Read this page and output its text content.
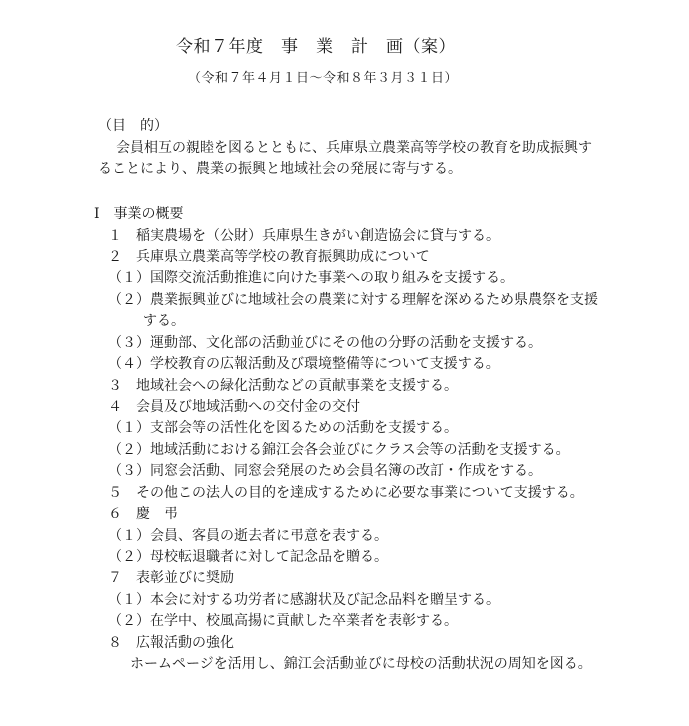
令和７年度　事　業　計　画（案）
（令和７年４月１日～令和８年３月３１日）
（目　的）
会員相互の親睦を図るとともに、兵庫県立農業高等学校の教育を助成振興す
ることにより、農業の振興と地域社会の発展に寄与する。
Ⅰ　事業の概要
１　稲実農場を（公財）兵庫県生きがい創造協会に貸与する。
２　兵庫県立農業高等学校の教育振興助成について
（１）国際交流活動推進に向けた事業への取り組みを支援する。
（２）農業振興並びに地域社会の農業に対する理解を深めるため県農祭を支援
する。
（３）運動部、文化部の活動並びにその他の分野の活動を支援する。
（４）学校教育の広報活動及び環境整備等について支援する。
３　地域社会への緑化活動などの貢献事業を支援する。
４　会員及び地域活動への交付金の交付
（１）支部会等の活性化を図るための活動を支援する。
（２）地域活動における錦江会各会並びにクラス会等の活動を支援する。
（３）同窓会活動、同窓会発展のため会員名簿の改訂・作成をする。
５　その他この法人の目的を達成するために必要な事業について支援する。
６　慶　弔
（１）会員、客員の逝去者に弔意を表する。
（２）母校転退職者に対して記念品を贈る。
７　表彰並びに奨励
（１）本会に対する功労者に感謝状及び記念品料を贈呈する。
（２）在学中、校風高揚に貢献した卒業者を表彰する。
８　広報活動の強化
ホームページを活用し、錦江会活動並びに母校の活動状況の周知を図る。
